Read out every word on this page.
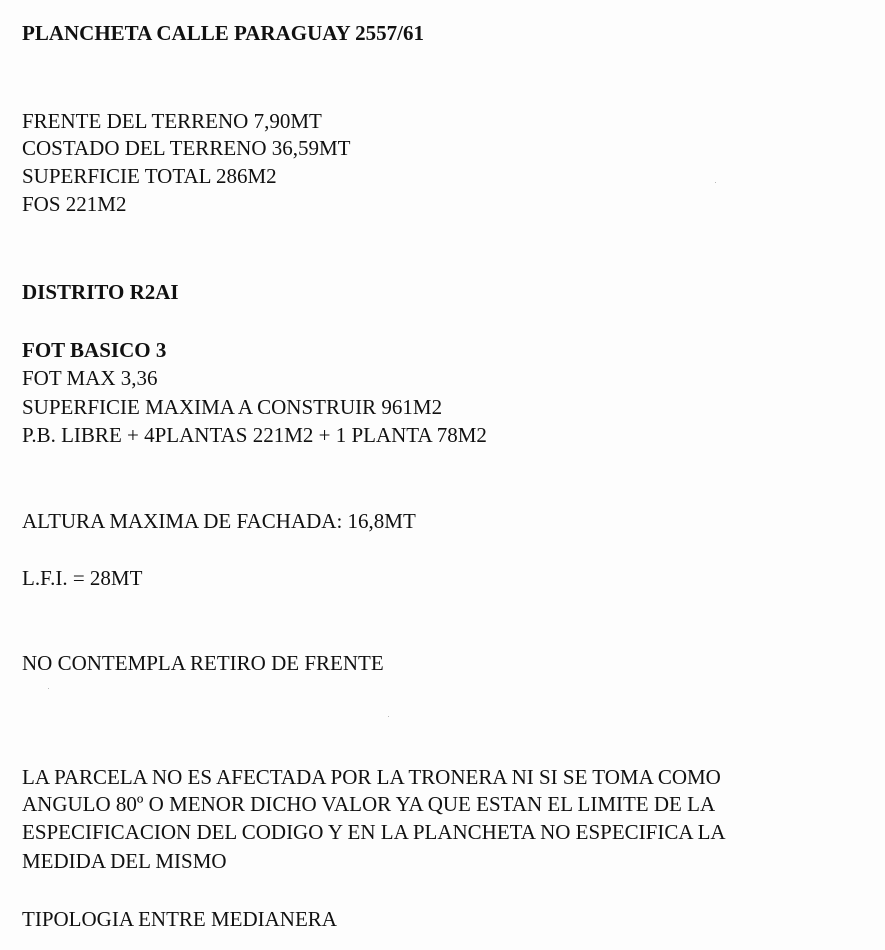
PLANCHETA CALLE PARAGUAY 2557/61
FRENTE DEL TERRENO 7,90MT
COSTADO DEL TERRENO 36,59MT
SUPERFICIE TOTAL 286M2
FOS 221M2
DISTRITO R2AI
FOT BASICO 3
FOT MAX 3,36
SUPERFICIE MAXIMA A CONSTRUIR 961M2
P.B. LIBRE + 4PLANTAS 221M2 + 1 PLANTA 78M2
ALTURA MAXIMA DE FACHADA: 16,8MT
L.F.I. = 28MT
NO CONTEMPLA RETIRO DE FRENTE
LA PARCELA NO ES AFECTADA POR LA TRONERA NI SI SE TOMA COMO
ANGULO 80º O MENOR DICHO VALOR YA QUE ESTAN EL LIMITE DE LA
ESPECIFICACION DEL CODIGO Y EN LA PLANCHETA NO ESPECIFICA LA
MEDIDA DEL MISMO
TIPOLOGIA ENTRE MEDIANERA
